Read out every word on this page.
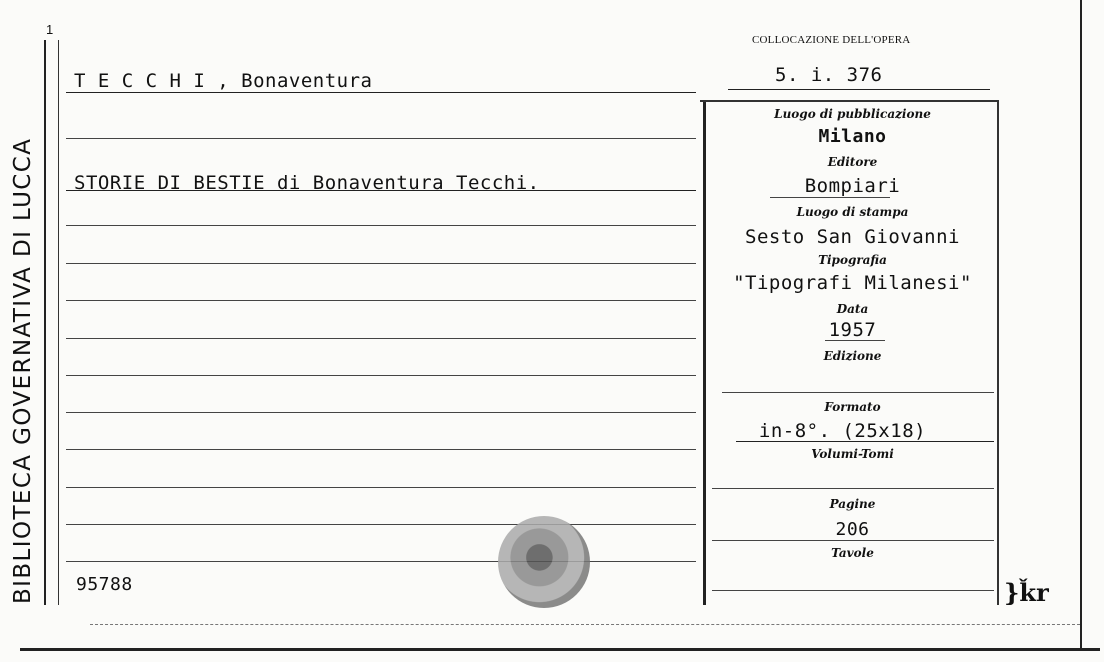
BIBLIOTECA GOVERNATIVA DI LUCCA
1
COLLOCAZIONE DELL'OPERA
5. i. 376
T E C C H I , Bonaventura
STORIE DI BESTIE di Bonaventura Tecchi.
95788
Luogo di pubblicazione
Milano
Editore
Bompiari
Luogo di stampa
Sesto San Giovanni
Tipografia
"Tipografi Milanesi"
Data
1957
Edizione
Formato
in-8°. (25x18)
Volumi-Tomi
Pagine
206
Tavole
}ǩr
